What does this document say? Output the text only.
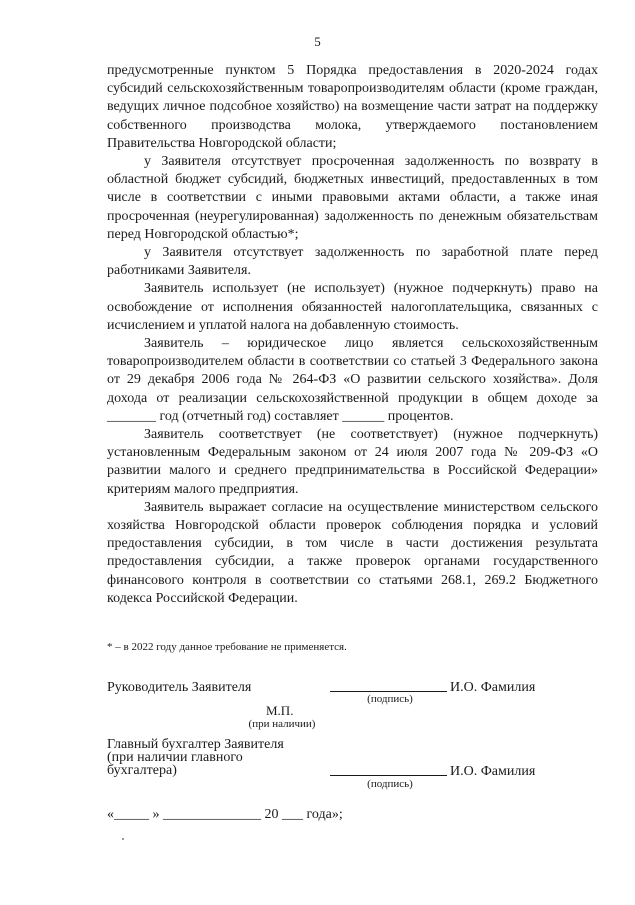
5

предусмотренные пунктом 5 Порядка предоставления в 2020-2024 годах субсидий сельскохозяйственным товаропроизводителям области (кроме граждан, ведущих личное подсобное хозяйство) на возмещение части затрат на поддержку собственного производства молока, утверждаемого постановлением Правительства Новгородской области;

у Заявителя отсутствует просроченная задолженность по возврату в областной бюджет субсидий, бюджетных инвестиций, предоставленных в том числе в соответствии с иными правовыми актами области, а также иная просроченная (неурегулированная) задолженность по денежным обязательствам перед Новгородской областью*;

у Заявителя отсутствует задолженность по заработной плате перед работниками Заявителя.

Заявитель использует (не использует) (нужное подчеркнуть) право на освобождение от исполнения обязанностей налогоплательщика, связанных с исчислением и уплатой налога на добавленную стоимость.

Заявитель – юридическое лицо является сельскохозяйственным товаропроизводителем области в соответствии со статьей 3 Федерального закона от 29 декабря 2006 года № 264-ФЗ «О развитии сельского хозяйства». Доля дохода от реализации сельскохозяйственной продукции в общем доходе за _______ год (отчетный год) составляет ______ процентов.

Заявитель соответствует (не соответствует) (нужное подчеркнуть) установленным Федеральным законом от 24 июля 2007 года № 209-ФЗ «О развитии малого и среднего предпринимательства в Российской Федерации» критериям малого предприятия.

Заявитель выражает согласие на осуществление министерством сельского хозяйства Новгородской области проверок соблюдения порядка и условий предоставления субсидии, в том числе в части достижения результата предоставления субсидии, а также проверок органами государственного финансового контроля в соответствии со статьями 268.1, 269.2 Бюджетного кодекса Российской Федерации.

* – в 2022 году данное требование не применяется.
Руководитель Заявителя	И.О. Фамилия
(подпись)
М.П.
(при наличии)
Главный бухгалтер Заявителя
(при наличии главного
бухгалтера)	И.О. Фамилия
(подпись)
«_____ » ______________ 20 ___ года»;
